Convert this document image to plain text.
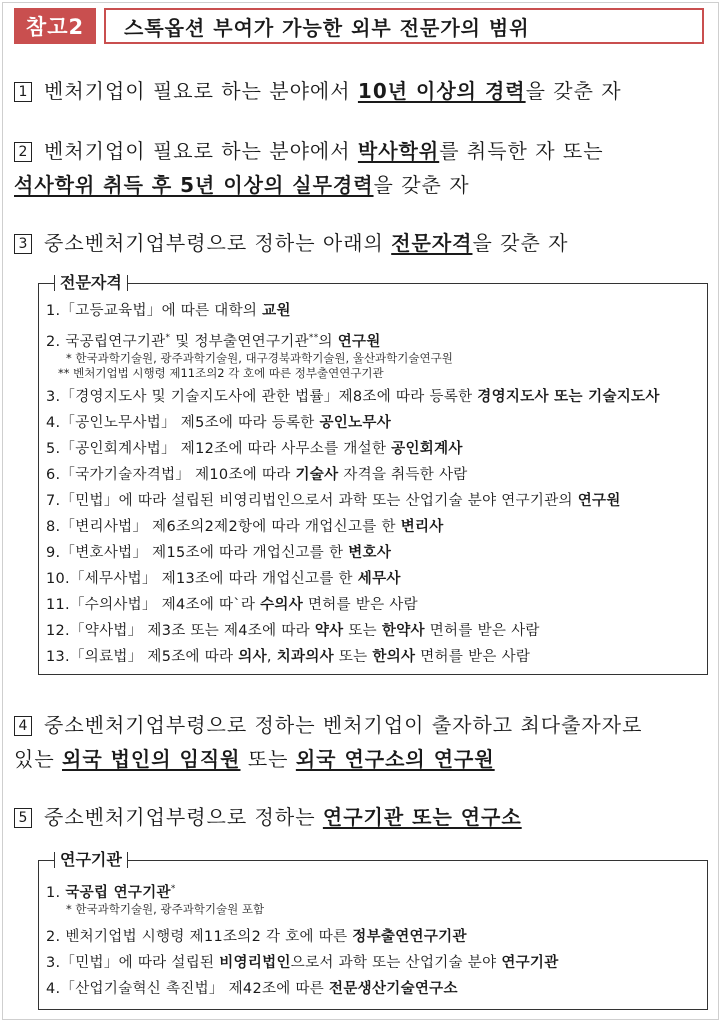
참고2	스톡옵션 부여가 가능한 외부 전문가의 범위
1 벤처기업이 필요로 하는 분야에서 10년 이상의 경력을 갖춘 자
2 벤처기업이 필요로 하는 분야에서 박사학위를 취득한 자 또는
석사학위 취득 후 5년 이상의 실무경력을 갖춘 자
3 중소벤처기업부령으로 정하는 아래의 전문자격을 갖춘 자
전문자격
1.「고등교육법」에 따른 대학의 교원
2. 국공립연구기관* 및 정부출연연구기관**의 연구원
* 한국과학기술원, 광주과학기술원, 대구경북과학기술원, 울산과학기술연구원
** 벤처기업법 시행령 제11조의2 각 호에 따른 정부출연연구기관
3.「경영지도사 및 기술지도사에 관한 법률」제8조에 따라 등록한 경영지도사 또는 기술지도사
4.「공인노무사법」 제5조에 따라 등록한 공인노무사
5.「공인회계사법」 제12조에 따라 사무소를 개설한 공인회계사
6.「국가기술자격법」 제10조에 따라 기술사 자격을 취득한 사람
7.「민법」에 따라 설립된 비영리법인으로서 과학 또는 산업기술 분야 연구기관의 연구원
8.「변리사법」 제6조의2제2항에 따라 개업신고를 한 변리사
9.「변호사법」 제15조에 따라 개업신고를 한 변호사
10.「세무사법」 제13조에 따라 개업신고를 한 세무사
11.「수의사법」 제4조에 따`라 수의사 면허를 받은 사람
12.「약사법」 제3조 또는 제4조에 따라 약사 또는 한약사 면허를 받은 사람
13.「의료법」 제5조에 따라 의사, 치과의사 또는 한의사 면허를 받은 사람
4 중소벤처기업부령으로 정하는 벤처기업이 출자하고 최다출자자로
있는 외국 법인의 임직원 또는 외국 연구소의 연구원
5 중소벤처기업부령으로 정하는 연구기관 또는 연구소
연구기관
1. 국공립 연구기관*
* 한국과학기술원, 광주과학기술원 포함
2. 벤처기업법 시행령 제11조의2 각 호에 따른 정부출연연구기관
3.「민법」에 따라 설립된 비영리법인으로서 과학 또는 산업기술 분야 연구기관
4.「산업기술혁신 촉진법」 제42조에 따른 전문생산기술연구소
